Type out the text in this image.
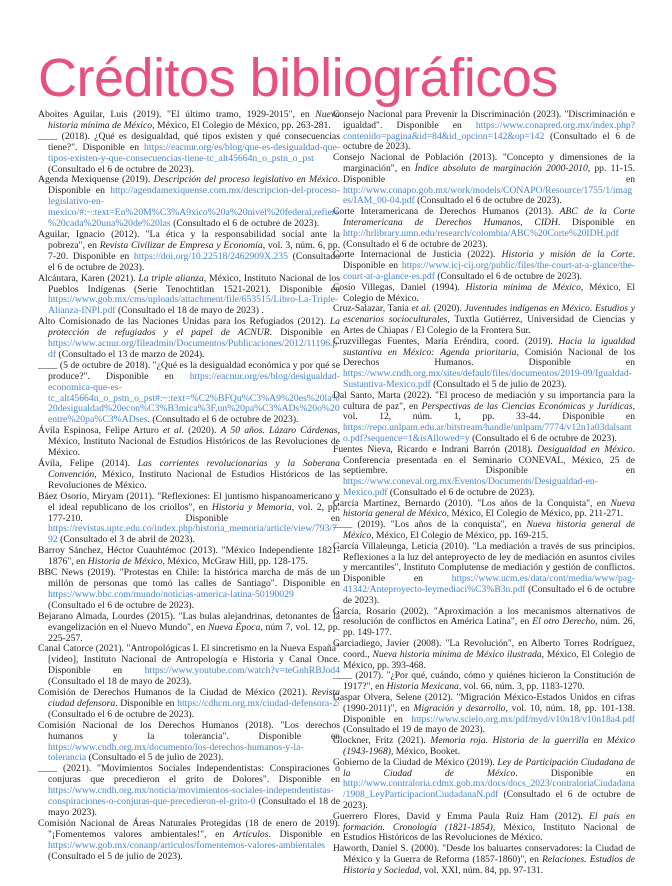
Créditos bibliográficos

Aboites Aguilar, Luis (2019). "El último tramo, 1929-2015", en Nueva historia mínima de México, México, El Colegio de México, pp. 263-281.

____ (2018). ¿Qué es desigualdad, qué tipos existen y qué consecuencias tiene?". Disponible en https://eacnur.org/es/blog/que-es-desigualdad-que-tipos-existen-y-que-consecuencias-tiene-tc_alt45664n_o_pstn_o_pst (Consultado el 6 de octubre de 2023).

Agenda Mexiquense (2019). Descripción del proceso legislativo en México. Disponible en http://agendamexiquense.com.mx/descripcion-del-proceso-legislativo-en-mexico/#:~:text=En%20M%C3%A9xico%20a%20nivel%20federal,refiere%20cada%20una%20de%20las (Consultado el 6 de octubre de 2023).

Aguilar, Ignacio (2012). "La ética y la responsabilidad social ante la pobreza", en Revista Civilizar de Empresa y Economía, vol. 3, núm. 6, pp. 7-20. Disponible en https://doi.org/10.22518/2462909X.235 (Consultado el 6 de octubre de 2023).

Alcántara, Karen (2021). La triple alianza, México, Instituto Nacional de los Pueblos Indígenas (Serie Tenochtitlan 1521-2021). Disponible en https://www.gob.mx/cms/uploads/attachment/file/653515/Libro-La-Triple-Alianza-INPI.pdf (Consultado el 18 de mayo de 2023) .

Alto Comisionado de las Naciones Unidas para los Refugiados (2012). La protección de refugiados y el papel de ACNUR. Disponible en https://www.acnur.org/fileadmin/Documentos/Publicaciones/2012/11196.pdf (Consultado el 13 de marzo de 2024).

____ (5 de octubre de 2018). "¿Qué es la desigualdad económica y por qué se produce?". Disponible en https://eacnur.org/es/blog/desigualdad-economica-que-es-tc_alt45664n_o_pstn_o_pst#:~:text=%C2%BFQu%C3%A9%20es%20la%20desigualdad%20econ%C3%B3mica%3F,un%20pa%C3%ADs%20o%20entre%20pa%C3%ADses. (Consultado el 6 de octubre de 2023).

Ávila Espinosa, Felipe Arturo et al. (2020). A 50 años. Lázaro Cárdenas, México, Instituto Nacional de Estudios Históricos de las Revoluciones de México.

Ávila, Felipe (2014). Las corrientes revolucionarias y la Soberana Convención, México, Instituto Nacional de Estudios Históricos de las Revoluciones de México.

Báez Osorio, Miryam (2011). "Reflexiones: El juntismo hispanoamericano y el ideal republicano de los criollos", en Historia y Memoria, vol. 2, pp. 177-210. Disponible en https://revistas.uptc.edu.co/index.php/historia_memoria/article/view/793/792 (Consultado el 3 de abril de 2023).

Barroy Sánchez, Héctor Cuauhtémoc (2013). "México Independiente 1821-1876", en Historia de México, México, McGraw Hill, pp. 128-175.

BBC News (2019). "Protestas en Chile: la histórica marcha de más de un millón de personas que tomó las calles de Santiago". Disponible en https://www.bbc.com/mundo/noticias-america-latina-50190029 (Consultado el 6 de octubre de 2023).

Bejarano Almada, Lourdes (2015). "Las bulas alejandrinas, detonantes de la evangelización en el Nuevo Mundo", en Nueva Época, núm 7, vol. 12, pp. 225-257.

Canal Catorce (2021). "Antropológicas I. El sincretismo en la Nueva España" [video], Instituto Nacional de Antropología e Historia y Canal Once. Disponible en https://www.youtube.com/watch?v=teGnhRBJod4 (Consultado el 18 de mayo de 2023).

Comisión de Derechos Humanos de la Ciudad de México (2021). Revista ciudad defensora. Disponible en https://cdhcm.org.mx/ciudad-defensora-2/ (Consultado el 6 de octubre de 2023).

Comisión Nacional de los Derechos Humanos (2018). "Los derechos humanos y la tolerancia". Disponible en https://www.cndh.org.mx/documento/los-derechos-humanos-y-la-tolerancia (Consultado el 5 de julio de 2023).

____ (2021). "Movimientos Sociales Independentistas: Conspiraciones o conjuras que precedieron el grito de Dolores". Disponible en https://www.cndh.org.mx/noticia/movimientos-sociales-independentistas-conspiraciones-o-conjuras-que-precedieron-el-grito-0 (Consultado el 18 de mayo 2023).

Comisión Nacional de Áreas Naturales Protegidas (18 de enero de 2019). "¡Fomentemos valores ambientales!", en Artículos. Disponible en https://www.gob.mx/conanp/articulos/fomentemos-valores-ambientales (Consultado el 5 de julio de 2023).

Consejo Nacional para Prevenir la Discriminación (2023). "Discriminación e igualdad". Disponible en https://www.conapred.org.mx/index.php?contenido=pagina&id=84&id_opcion=142&op=142 (Consultado el 6 de octubre de 2023).

Consejo Nacional de Población (2013). "Concepto y dimensiones de la marginación", en Índice absoluto de marginación 2000-2010, pp. 11-15. Disponible en http://www.conapo.gob.mx/work/models/CONAPO/Resource/1755/1/images/IAM_00-04.pdf (Consultado el 6 de octubre de 2023).

Corte Interamericana de Derechos Humanos (2013). ABC de la Corte Interamericana de Derechos Humanos, CIDH. Disponible en http://hrlibrary.umn.edu/research/colombia/ABC%20Corte%20IDH.pdf (Consultado el 6 de octubre de 2023).

Corte Internacional de Justicia (2022). Historia y misión de la Corte. Disponible en https://www.icj-cij.org/public/files/the-court-at-a-glance/the-court-at-a-glance-es.pdf (Consultado el 6 de octubre de 2023).

Cosío Villegas, Daniel (1994). Historia mínima de México, México, El Colegio de México.

Cruz-Salazar, Tania et al. (2020). Juventudes indígenas en México. Estudios y escenarios socioculturales, Tuxtla Gutiérrez, Universidad de Ciencias y Artes de Chiapas / El Colegio de la Frontera Sur.

Cruzvillegas Fuentes, María Eréndira, coord. (2019). Hacia la igualdad sustantiva en México: Agenda prioritaria, Comisión Nacional de los Derechos Humanos. Disponible en https://www.cndh.org.mx/sites/default/files/documentos/2019-09/Igualdad-Sustantiva-Mexico.pdf (Consultado el 5 de julio de 2023).

Dal Santo, Marta (2022). "El proceso de mediación y su importancia para la cultura de paz", en Perspectivas de las Ciencias Económicas y Jurídicas, vol. 12, núm. 1, pp. 33-44. Disponible en https://repo.unlpam.edu.ar/bitstream/handle/unlpam/7774/v12n1a03dalsanto.pdf?sequence=1&isAllowed=y (Consultado el 6 de octubre de 2023).

Fuentes Nieva, Ricardo e Indrani Barrón (2018). Desigualdad en México. Conferencia presentada en el Seminario CONEVAL, México, 25 de septiembre. Disponible en https://www.coneval.org.mx/Eventos/Documents/Desigualdad-en-Mexico.pdf (Consultado el 6 de octubre de 2023).

García Martínez, Bernardo (2010). "Los años de la Conquista", en Nueva historia general de México, México, El Colegio de México, pp. 211-271.

____ (2019). "Los años de la conquista", en Nueva historia general de México, México, El Colegio de México, pp. 169-215.

García Villaleunga, Leticia (2010). "La mediación a través de sus principios. Reflexiones a la luz del anteproyecto de ley de mediación en asuntos civiles y mercantiles", Instituto Complutense de mediación y gestión de conflictos. Disponible en https://www.ucm.es/data/cont/media/www/pag-41342/Anteproyecto-leymediaci%C3%B3n.pdf (Consultado el 6 de octubre de 2023).

García, Rosario (2002). "Aproximación a los mecanismos alternativos de resolución de conflictos en América Latina", en El otro Derecho, núm. 26, pp. 149-177.

Garciadiego, Javier (2008). "La Revolución", en Alberto Torres Rodríguez, coord., Nueva historia mínima de México ilustrada, México, El Colegio de México, pp. 393-468.

____ (2017). "¿Por qué, cuándo, cómo y quiénes hicieron la Constitución de 1917?", en Historia Mexicana, vol. 66, núm. 3, pp. 1183-1270.

Gaspar Olvera, Selene (2012). "Migración México-Estados Unidos en cifras (1990-2011)", en Migración y desarrollo, vol. 10, núm. 18, pp. 101-138. Disponible en https://www.scielo.org.mx/pdf/myd/v10n18/v10n18a4.pdf (Consultado el 19 de mayo de 2023).

Glockner, Fritz (2021). Memoria roja. Historia de la guerrilla en México (1943-1968), México, Booket.

Gobierno de la Ciudad de México (2019). Ley de Participación Ciudadana de la Ciudad de México. Disponible en http://www.contraloria.cdmx.gob.mx/docs/docs_2023/contraloriaCiudadana/1908_LeyParticipacionCiudadanaN.pdf (Consultado el 6 de octubre de 2023).

Guerrero Flores, David y Emma Paula Ruíz Ham (2012). El país en formación. Cronología (1821-1854), México, Instituto Nacional de Estudios Históricos de las Revoluciones de México.

Haworth, Daniel S. (2000). "Desde los baluartes conservadores: la Ciudad de México y la Guerra de Reforma (1857-1860)", en Relaciones. Estudios de Historia y Sociedad, vol. XXI, núm. 84, pp. 97-131.
